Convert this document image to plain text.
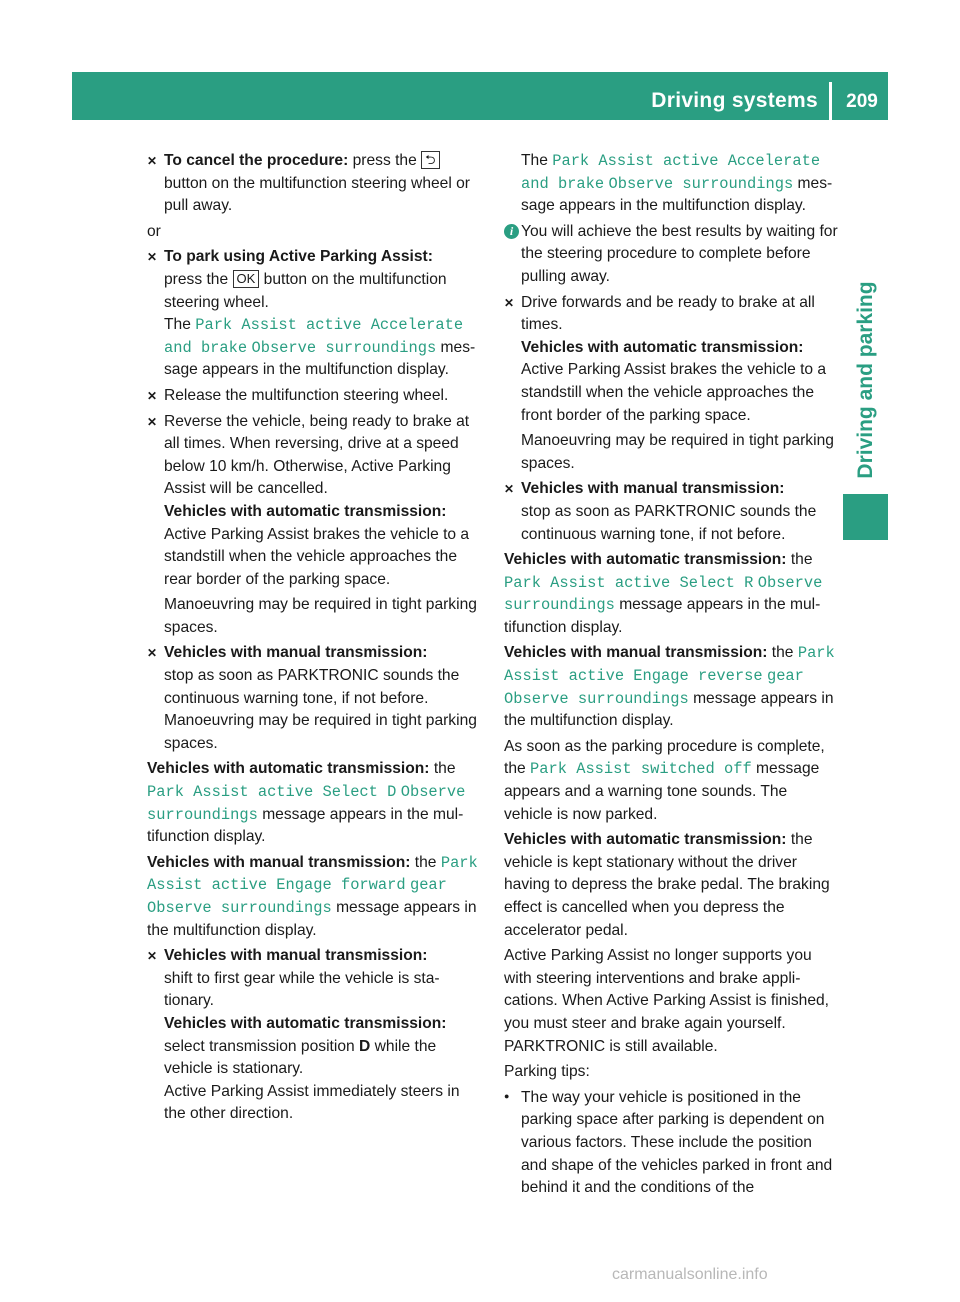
Driving systems	209
Driving and parking
✕
To cancel the procedure: press the ⮌ button on the multifunction steering wheel or pull away.
or
✕
To park using Active Parking Assist:
press the OK button on the multifunction steering wheel.
The Park Assist active Accelerate and brake Observe surroundings message appears in the multifunction display.
✕
Release the multifunction steering wheel.
✕
Reverse the vehicle, being ready to brake at all times. When reversing, drive at a speed below 10 km/h. Otherwise, Active Parking Assist will be cancelled.
Vehicles with automatic transmission:
Active Parking Assist brakes the vehicle to a standstill when the vehicle approaches the rear border of the parking space.
Manoeuvring may be required in tight parking spaces.
✕
Vehicles with manual transmission:
stop as soon as PARKTRONIC sounds the continuous warning tone, if not before.
Manoeuvring may be required in tight parking spaces.
Vehicles with automatic transmission: the Park Assist active Select D Observe surroundings message appears in the multifunction display.
Vehicles with manual transmission: the Park Assist active Engage forward gear Observe surroundings message appears in the multifunction display.
✕
Vehicles with manual transmission:
shift to first gear while the vehicle is stationary.
Vehicles with automatic transmission:
select transmission position D while the vehicle is stationary.
Active Parking Assist immediately steers in the other direction.
The Park Assist active Accelerate and brake Observe surroundings message appears in the multifunction display.
i You will achieve the best results by waiting for the steering procedure to complete before pulling away.
✕
Drive forwards and be ready to brake at all times.
Vehicles with automatic transmission:
Active Parking Assist brakes the vehicle to a standstill when the vehicle approaches the front border of the parking space.
Manoeuvring may be required in tight parking spaces.
✕
Vehicles with manual transmission:
stop as soon as PARKTRONIC sounds the continuous warning tone, if not before.
Vehicles with automatic transmission: the Park Assist active Select R Observe surroundings message appears in the multifunction display.
Vehicles with manual transmission: the Park Assist active Engage reverse gear Observe surroundings message appears in the multifunction display.
As soon as the parking procedure is complete, the Park Assist switched off message appears and a warning tone sounds. The vehicle is now parked.
Vehicles with automatic transmission: the vehicle is kept stationary without the driver having to depress the brake pedal. The braking effect is cancelled when you depress the accelerator pedal.
Active Parking Assist no longer supports you with steering interventions and brake applications. When Active Parking Assist is finished, you must steer and brake again yourself. PARKTRONIC is still available.
Parking tips:
●
The way your vehicle is positioned in the parking space after parking is dependent on various factors. These include the position and shape of the vehicles parked in front and behind it and the conditions of the
carmanualsonline.info
